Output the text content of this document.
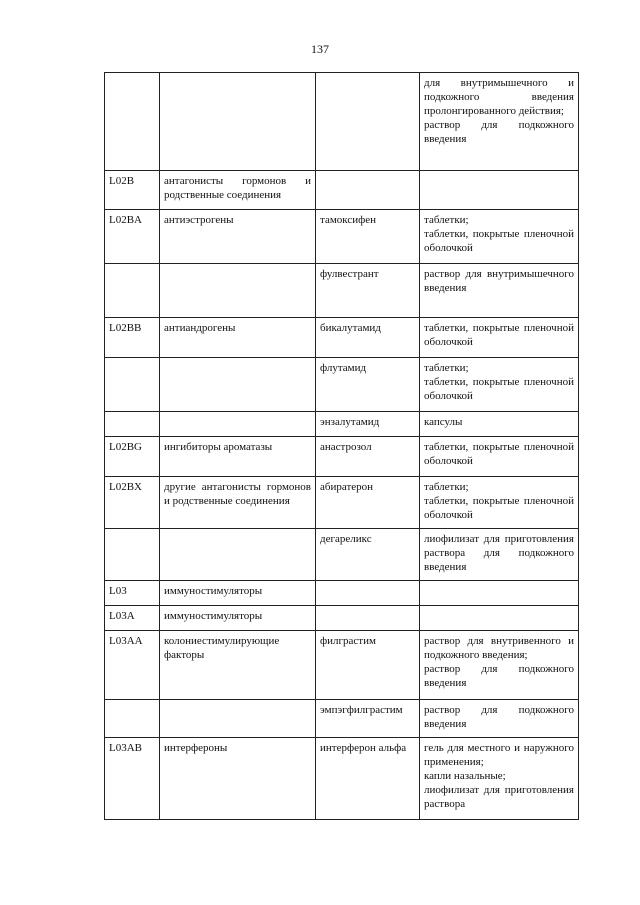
137
			для внутримышечного и подкожного введения пролонгированного действия;
раствор для подкожного введения
L02B	антагонисты гормонов и родственные соединения		
L02BA	антиэстрогены	тамоксифен	таблетки;
таблетки, покрытые пленочной оболочкой
		фулвестрант	раствор для внутримышечного введения
L02BB	антиандрогены	бикалутамид	таблетки, покрытые пленочной оболочкой
		флутамид	таблетки;
таблетки, покрытые пленочной оболочкой
		энзалутамид	капсулы
L02BG	ингибиторы ароматазы	анастрозол	таблетки, покрытые пленочной оболочкой
L02BX	другие антагонисты гормонов и родственные соединения	абиратерон	таблетки;
таблетки, покрытые пленочной оболочкой
		дегареликс	лиофилизат для приготовления раствора для подкожного введения
L03	иммуностимуляторы		
L03A	иммуностимуляторы		
L03AA	колониестимулирующие факторы	филграстим	раствор для внутривенного и подкожного введения;
раствор для подкожного введения
		эмпэгфилграстим	раствор для подкожного введения
L03AB	интерфероны	интерферон альфа	гель для местного и наружного применения;
капли назальные;
лиофилизат для приготовления раствора
